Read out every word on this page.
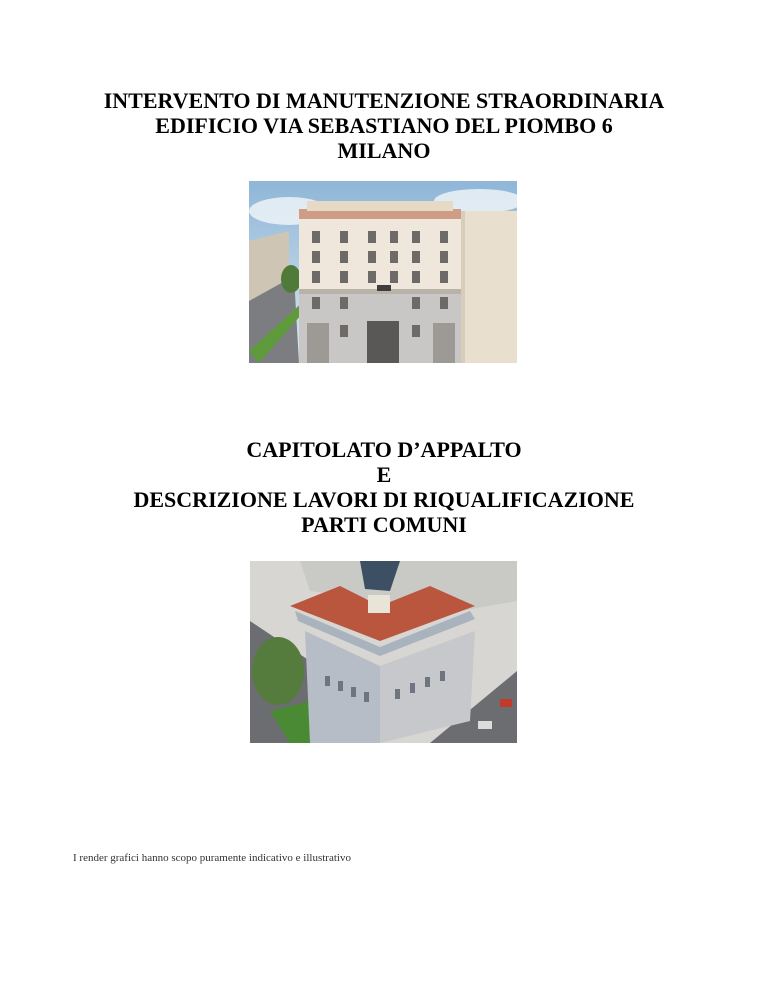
INTERVENTO DI MANUTENZIONE STRAORDINARIA
EDIFICIO VIA SEBASTIANO DEL PIOMBO 6
MILANO
CAPITOLATO D’APPALTO
E
DESCRIZIONE LAVORI DI RIQUALIFICAZIONE
PARTI COMUNI
I render grafici hanno scopo puramente indicativo e illustrativo
